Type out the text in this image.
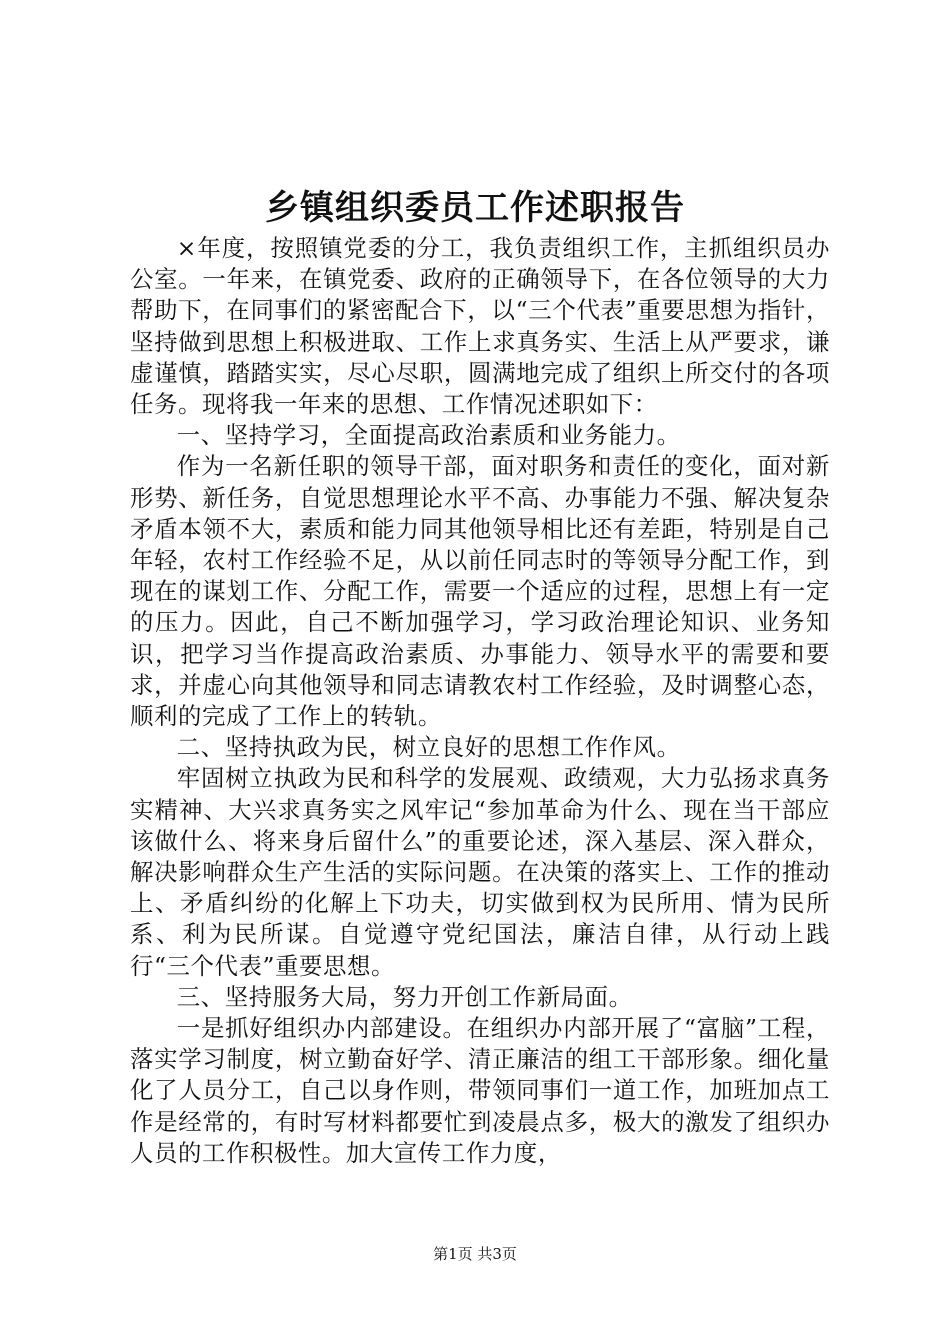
乡镇组织委员工作述职报告

×年度，按照镇党委的分工，我负责组织工作，主抓组织员办公室。一年来，在镇党委、政府的正确领导下，在各位领导的大力帮助下，在同事们的紧密配合下，以“三个代表”重要思想为指针，坚持做到思想上积极进取、工作上求真务实、生活上从严要求，谦虚谨慎，踏踏实实，尽心尽职，圆满地完成了组织上所交付的各项任务。现将我一年来的思想、工作情况述职如下：

一、坚持学习，全面提高政治素质和业务能力。

作为一名新任职的领导干部，面对职务和责任的变化，面对新形势、新任务，自觉思想理论水平不高、办事能力不强、解决复杂矛盾本领不大，素质和能力同其他领导相比还有差距，特别是自己年轻，农村工作经验不足，从以前任同志时的等领导分配工作，到现在的谋划工作、分配工作，需要一个适应的过程，思想上有一定的压力。因此，自己不断加强学习，学习政治理论知识、业务知识，把学习当作提高政治素质、办事能力、领导水平的需要和要求，并虚心向其他领导和同志请教农村工作经验，及时调整心态，顺利的完成了工作上的转轨。

二、坚持执政为民，树立良好的思想工作作风。

牢固树立执政为民和科学的发展观、政绩观，大力弘扬求真务实精神、大兴求真务实之风牢记“参加革命为什么、现在当干部应该做什么、将来身后留什么”的重要论述，深入基层、深入群众，解决影响群众生产生活的实际问题。在决策的落实上、工作的推动上、矛盾纠纷的化解上下功夫，切实做到权为民所用、情为民所系、利为民所谋。自觉遵守党纪国法，廉洁自律，从行动上践行“三个代表”重要思想。

三、坚持服务大局，努力开创工作新局面。

一是抓好组织办内部建设。在组织办内部开展了“富脑”工程，落实学习制度，树立勤奋好学、清正廉洁的组工干部形象。细化量化了人员分工，自己以身作则，带领同事们一道工作，加班加点工作是经常的，有时写材料都要忙到凌晨点多，极大的激发了组织办人员的工作积极性。加大宣传工作力度，

第1页 共3页
